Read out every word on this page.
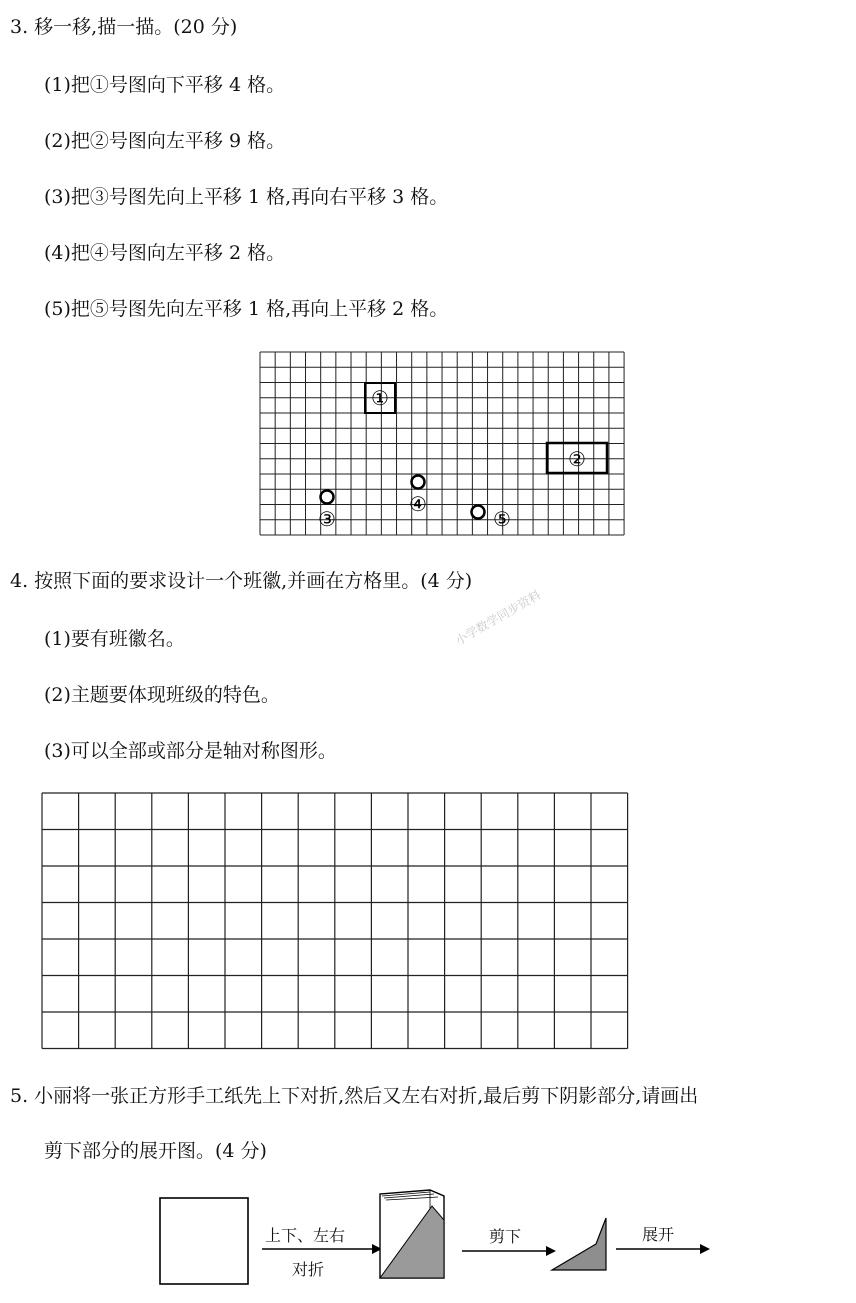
3. 移一移,描一描。(20 分)
(1)把①号图向下平移 4 格。
(2)把②号图向左平移 9 格。
(3)把③号图先向上平移 1 格,再向右平移 3 格。
(4)把④号图向左平移 2 格。
(5)把⑤号图先向左平移 1 格,再向上平移 2 格。
①
②
③
④
⑤
小学数学同步资料
4. 按照下面的要求设计一个班徽,并画在方格里。(4 分)
(1)要有班徽名。
(2)主题要体现班级的特色。
(3)可以全部或部分是轴对称图形。
5. 小丽将一张正方形手工纸先上下对折,然后又左右对折,最后剪下阴影部分,请画出
剪下部分的展开图。(4 分)
上下、左右
对折
剪下	展开
